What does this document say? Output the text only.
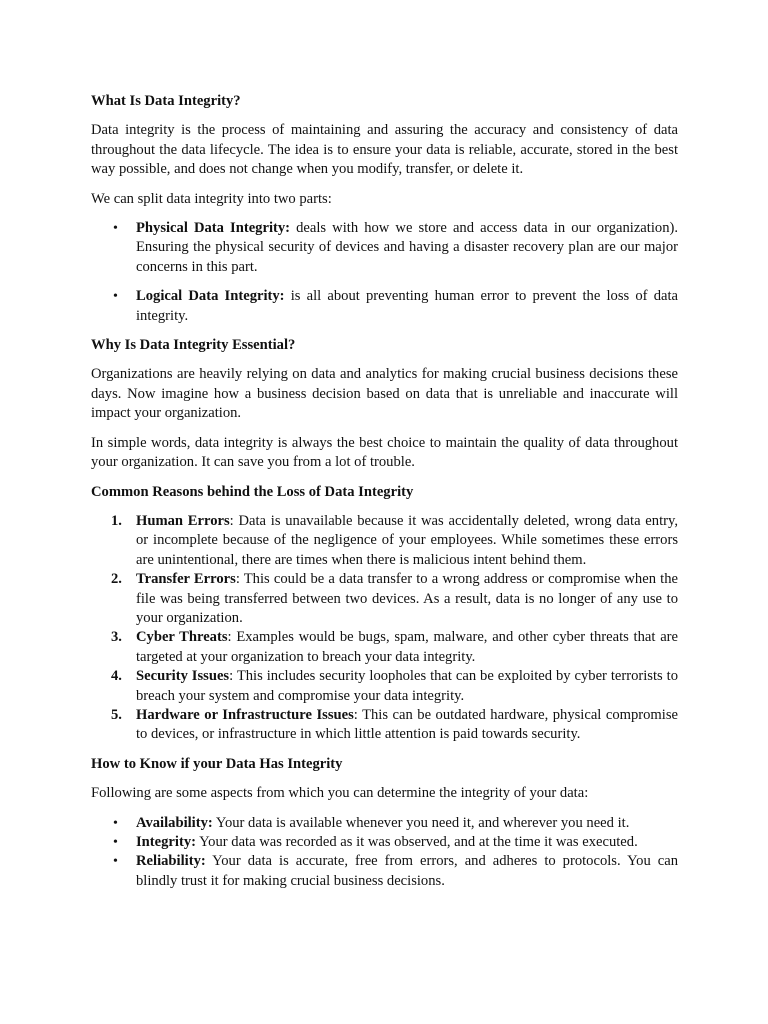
What Is Data Integrity?

Data integrity is the process of maintaining and assuring the accuracy and consistency of data throughout the data lifecycle. The idea is to ensure your data is reliable, accurate, stored in the best way possible, and does not change when you modify, transfer, or delete it.

We can split data integrity into two parts:

• Physical Data Integrity: deals with how we store and access data in our organization). Ensuring the physical security of devices and having a disaster recovery plan are our major concerns in this part.
• Logical Data Integrity: is all about preventing human error to prevent the loss of data integrity.
Why Is Data Integrity Essential?

Organizations are heavily relying on data and analytics for making crucial business decisions these days. Now imagine how a business decision based on data that is unreliable and inaccurate will impact your organization.

In simple words, data integrity is always the best choice to maintain the quality of data throughout your organization. It can save you from a lot of trouble.

Common Reasons behind the Loss of Data Integrity
1. Human Errors: Data is unavailable because it was accidentally deleted, wrong data entry, or incomplete because of the negligence of your employees. While sometimes these errors are unintentional, there are times when there is malicious intent behind them.
2. Transfer Errors: This could be a data transfer to a wrong address or compromise when the file was being transferred between two devices. As a result, data is no longer of any use to your organization.
3. Cyber Threats: Examples would be bugs, spam, malware, and other cyber threats that are targeted at your organization to breach your data integrity.
4. Security Issues: This includes security loopholes that can be exploited by cyber terrorists to breach your system and compromise your data integrity.
5. Hardware or Infrastructure Issues: This can be outdated hardware, physical compromise to devices, or infrastructure in which little attention is paid towards security.
How to Know if your Data Has Integrity

Following are some aspects from which you can determine the integrity of your data:

• Availability: Your data is available whenever you need it, and wherever you need it.
• Integrity: Your data was recorded as it was observed, and at the time it was executed.
• Reliability: Your data is accurate, free from errors, and adheres to protocols. You can blindly trust it for making crucial business decisions.
